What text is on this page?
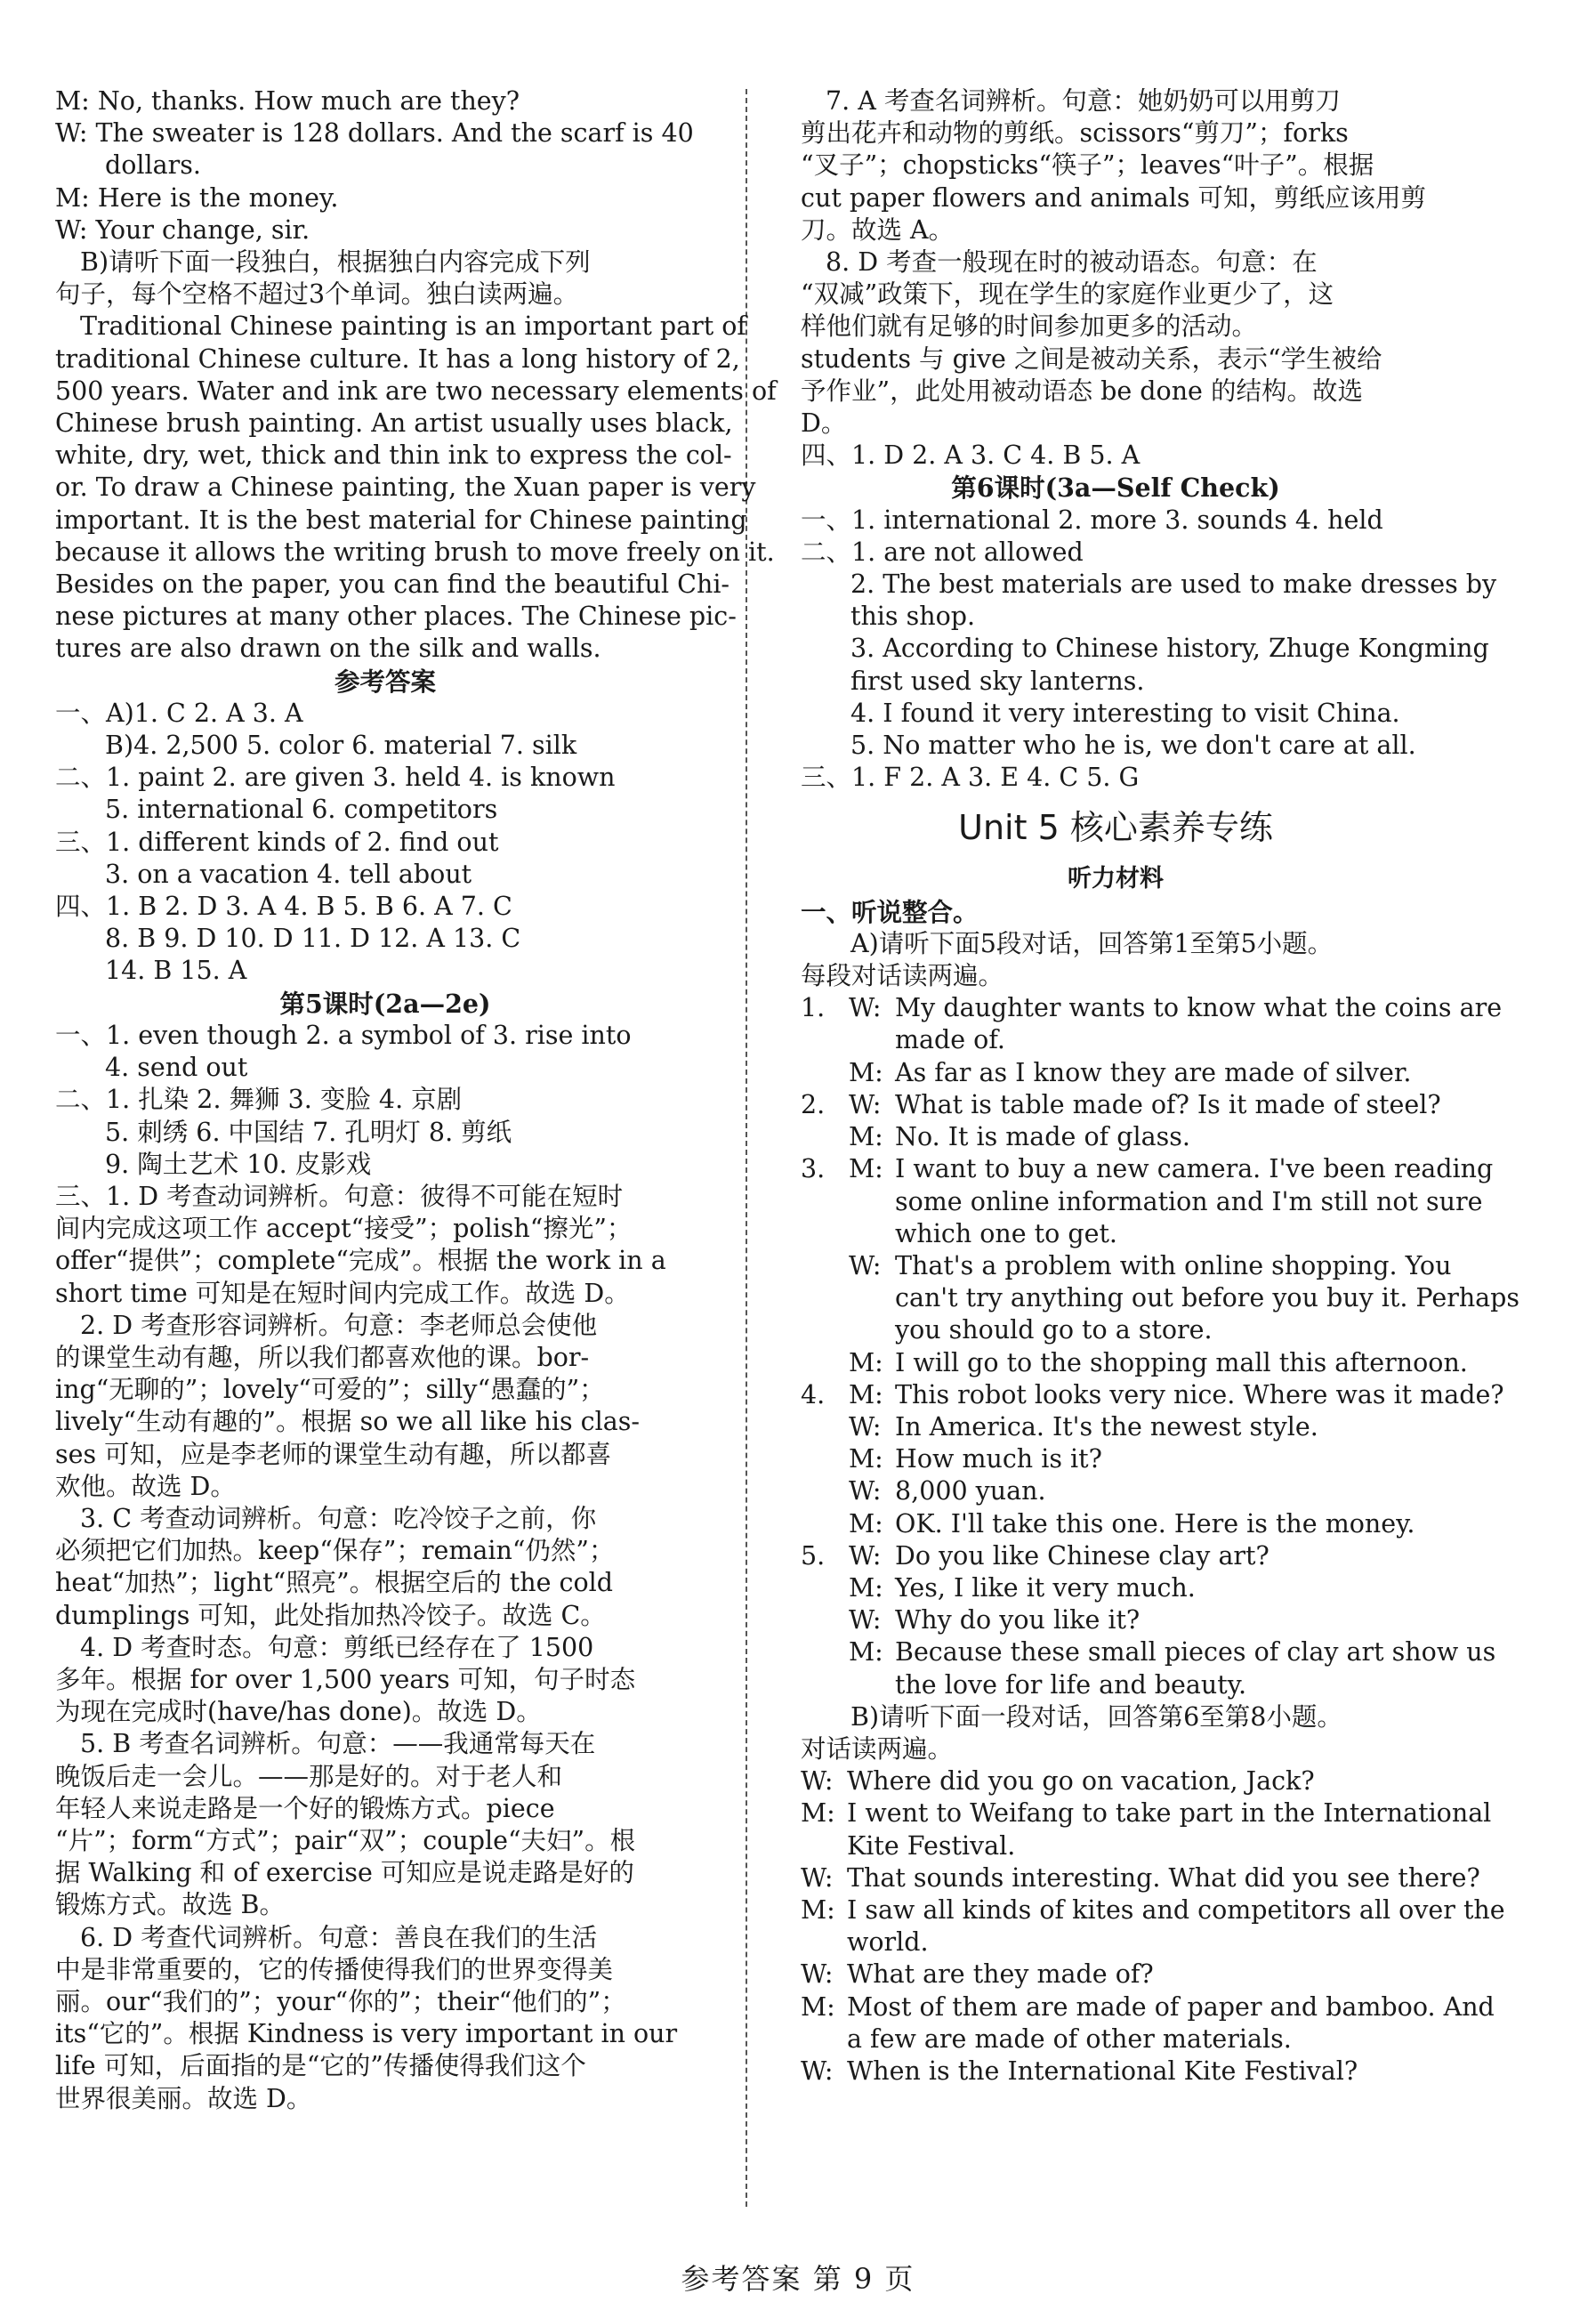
M: No, thanks. How much are they?
W: The sweater is 128 dollars. And the scarf is 40
dollars.
M: Here is the money.
W: Your change, sir.
B)请听下面一段独白，根据独白内容完成下列
句子，每个空格不超过3个单词。独白读两遍。
Traditional Chinese painting is an important part of
traditional Chinese culture. It has a long history of 2,
500 years. Water and ink are two necessary elements of
Chinese brush painting. An artist usually uses black,
white, dry, wet, thick and thin ink to express the col-
or. To draw a Chinese painting, the Xuan paper is very
important. It is the best material for Chinese painting
because it allows the writing brush to move freely on it.
Besides on the paper, you can find the beautiful Chi-
nese pictures at many other places. The Chinese pic-
tures are also drawn on the silk and walls.
参考答案
一、A)1. C 2. A 3. A
B)4. 2,500 5. color 6. material 7. silk
二、1. paint 2. are given 3. held 4. is known
5. international 6. competitors
三、1. different kinds of 2. find out
3. on a vacation 4. tell about
四、1. B 2. D 3. A 4. B 5. B 6. A 7. C
8. B 9. D 10. D 11. D 12. A 13. C
14. B 15. A
第5课时(2a—2e)
一、1. even though 2. a symbol of 3. rise into
4. send out
二、1. 扎染 2. 舞狮 3. 变脸 4. 京剧
5. 刺绣 6. 中国结 7. 孔明灯 8. 剪纸
9. 陶土艺术 10. 皮影戏
三、1. D 考查动词辨析。句意：彼得不可能在短时
间内完成这项工作 accept“接受”；polish“擦光”；
offer“提供”；complete“完成”。根据 the work in a
short time 可知是在短时间内完成工作。故选 D。
2. D 考查形容词辨析。句意：李老师总会使他
的课堂生动有趣，所以我们都喜欢他的课。bor-
ing“无聊的”；lovely“可爱的”；silly“愚蠢的”；
lively“生动有趣的”。根据 so we all like his clas-
ses 可知，应是李老师的课堂生动有趣，所以都喜
欢他。故选 D。
3. C 考查动词辨析。句意：吃冷饺子之前，你
必须把它们加热。keep“保存”；remain“仍然”；
heat“加热”；light“照亮”。根据空后的 the cold
dumplings 可知，此处指加热冷饺子。故选 C。
4. D 考查时态。句意：剪纸已经存在了 1500
多年。根据 for over 1,500 years 可知，句子时态
为现在完成时(have/has done)。故选 D。
5. B 考查名词辨析。句意：——我通常每天在
晚饭后走一会儿。——那是好的。对于老人和
年轻人来说走路是一个好的锻炼方式。piece
“片”；form“方式”；pair“双”；couple“夫妇”。根
据 Walking 和 of exercise 可知应是说走路是好的
锻炼方式。故选 B。
6. D 考查代词辨析。句意：善良在我们的生活
中是非常重要的，它的传播使得我们的世界变得美
丽。our“我们的”；your“你的”；their“他们的”；
its“它的”。根据 Kindness is very important in our
life 可知，后面指的是“它的”传播使得我们这个
世界很美丽。故选 D。
7. A 考查名词辨析。句意：她奶奶可以用剪刀
剪出花卉和动物的剪纸。scissors“剪刀”；forks
“叉子”；chopsticks“筷子”；leaves“叶子”。根据
cut paper flowers and animals 可知，剪纸应该用剪
刀。故选 A。
8. D 考查一般现在时的被动语态。句意：在
“双减”政策下，现在学生的家庭作业更少了，这
样他们就有足够的时间参加更多的活动。
students 与 give 之间是被动关系，表示“学生被给
予作业”，此处用被动语态 be done 的结构。故选
D。
四、1. D 2. A 3. C 4. B 5. A
第6课时(3a—Self Check)
一、1. international 2. more 3. sounds 4. held
二、1. are not allowed
2. The best materials are used to make dresses by
this shop.
3. According to Chinese history, Zhuge Kongming
first used sky lanterns.
4. I found it very interesting to visit China.
5. No matter who he is, we don't care at all.
三、1. F 2. A 3. E 4. C 5. G
Unit 5 核心素养专练
听力材料
一、听说整合。
A)请听下面5段对话，回答第1至第5小题。
每段对话读两遍。
1. W: My daughter wants to know what the coins are
made of.
M: As far as I know they are made of silver.
2. W: What is table made of? Is it made of steel?
M: No. It is made of glass.
3. M: I want to buy a new camera. I've been reading
some online information and I'm still not sure
which one to get.
W: That's a problem with online shopping. You
can't try anything out before you buy it. Perhaps
you should go to a store.
M: I will go to the shopping mall this afternoon.
4. M: This robot looks very nice. Where was it made?
W: In America. It's the newest style.
M: How much is it?
W: 8,000 yuan.
M: OK. I'll take this one. Here is the money.
5. W: Do you like Chinese clay art?
M: Yes, I like it very much.
W: Why do you like it?
M: Because these small pieces of clay art show us
the love for life and beauty.
B)请听下面一段对话，回答第6至第8小题。
对话读两遍。
W: Where did you go on vacation, Jack?
M: I went to Weifang to take part in the International
Kite Festival.
W: That sounds interesting. What did you see there?
M: I saw all kinds of kites and competitors all over the
world.
W: What are they made of?
M: Most of them are made of paper and bamboo. And
a few are made of other materials.
W: When is the International Kite Festival?
参考答案 第 9 页
